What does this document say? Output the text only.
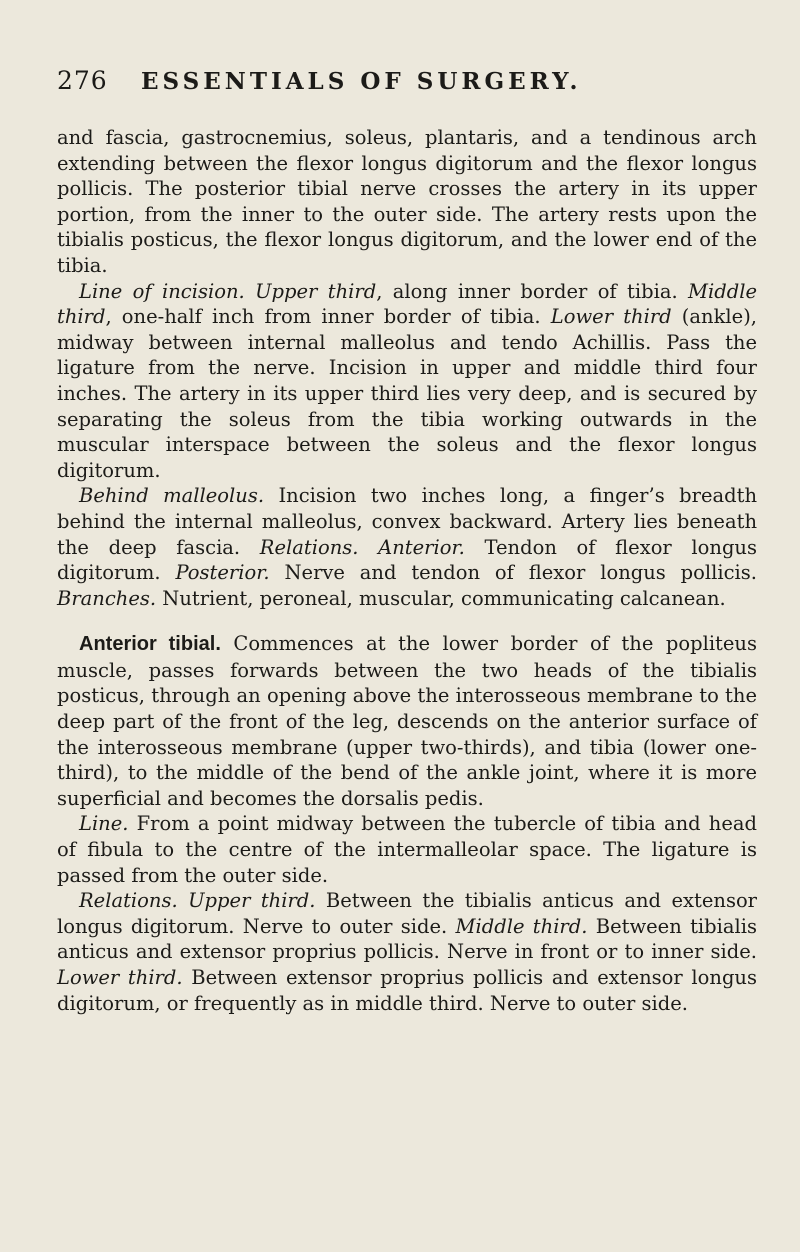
276 ESSENTIALS OF SURGERY.

and fascia, gastrocnemius, soleus, plantaris, and a tendinous arch extending between the flexor longus digitorum and the flexor longus pollicis. The posterior tibial nerve crosses the artery in its upper portion, from the inner to the outer side. The artery rests upon the tibialis posticus, the flexor longus digitorum, and the lower end of the tibia.

Line of incision. Upper third, along inner border of tibia. Middle third, one-half inch from inner border of tibia. Lower third (ankle), midway between internal malleolus and tendo Achillis. Pass the ligature from the nerve. Incision in upper and middle third four inches. The artery in its upper third lies very deep, and is secured by separating the soleus from the tibia working outwards in the muscular interspace between the soleus and the flexor longus digitorum.

Behind malleolus. Incision two inches long, a finger’s breadth behind the internal malleolus, convex backward. Artery lies beneath the deep fascia. Relations. Anterior. Tendon of flexor longus digitorum. Posterior. Nerve and tendon of flexor longus pollicis. Branches. Nutrient, peroneal, muscular, communicating calcanean.

Anterior tibial. Commences at the lower border of the popliteus muscle, passes forwards between the two heads of the tibialis posticus, through an opening above the interosseous membrane to the deep part of the front of the leg, descends on the anterior surface of the interosseous membrane (upper two-thirds), and tibia (lower one-third), to the middle of the bend of the ankle joint, where it is more superficial and becomes the dorsalis pedis.

Line. From a point midway between the tubercle of tibia and head of fibula to the centre of the intermalleolar space. The ligature is passed from the outer side.

Relations. Upper third. Between the tibialis anticus and extensor longus digitorum. Nerve to outer side. Middle third. Between tibialis anticus and extensor proprius pollicis. Nerve in front or to inner side. Lower third. Between extensor proprius pollicis and extensor longus digitorum, or frequently as in middle third. Nerve to outer side.
